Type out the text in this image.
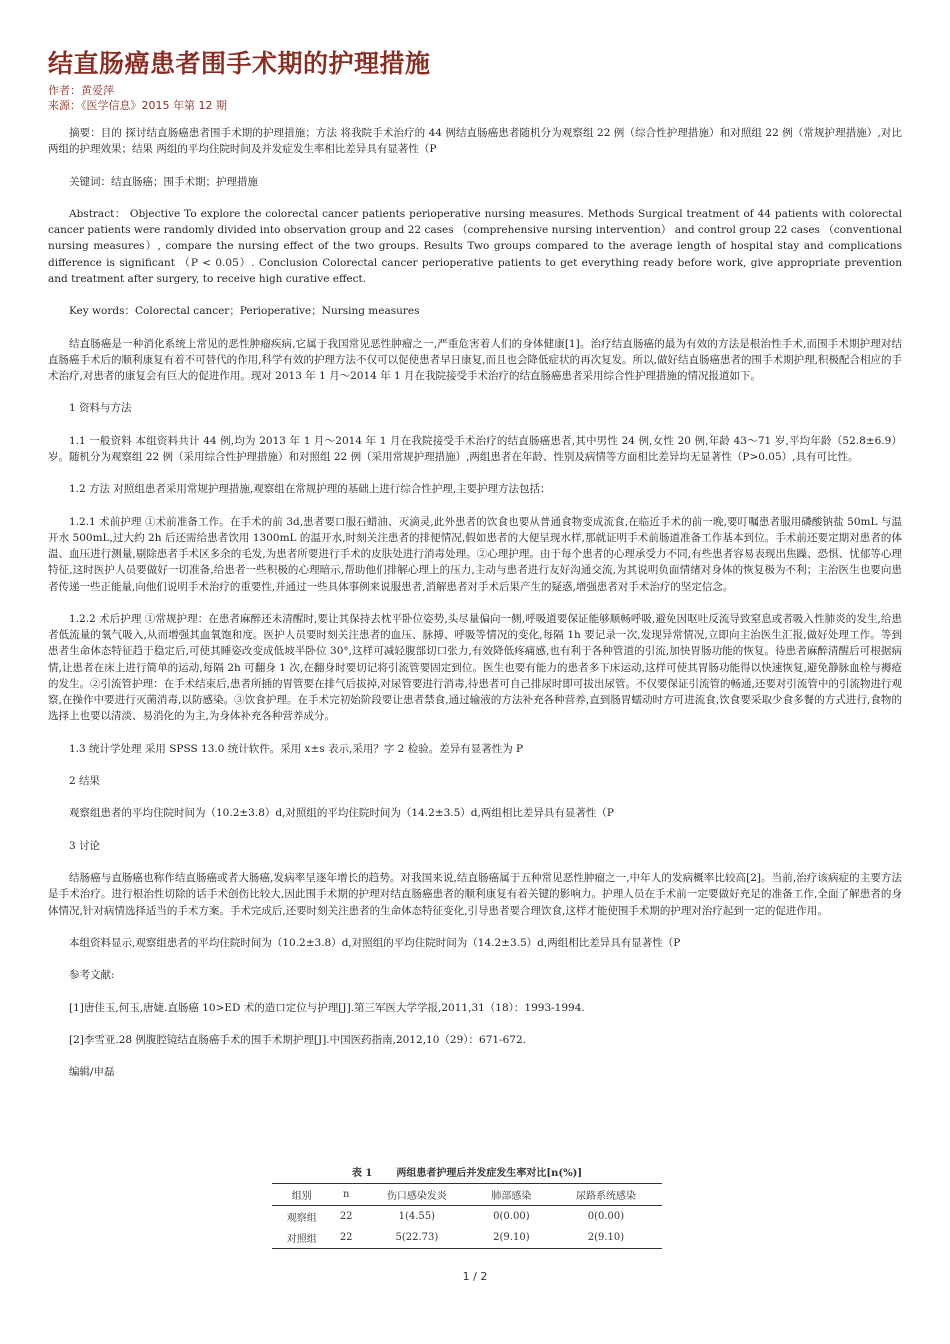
结直肠癌患者围手术期的护理措施
作者：黄爱萍
来源：《医学信息》2015 年第 12 期

摘要：目的 探讨结直肠癌患者围手术期的护理措施；方法 将我院手术治疗的 44 例结直肠癌患者随机分为观察组 22 例（综合性护理措施）和对照组 22 例（常规护理措施）,对比两组的护理效果；结果 两组的平均住院时间及并发症发生率相比差异具有显著性（P

关键词：结直肠癌；围手术期；护理措施

Abstract： Objective To explore the colorectal cancer patients perioperative nursing measures. Methods Surgical treatment of 44 patients with colorectal cancer patients were randomly divided into observation group and 22 cases （comprehensive nursing intervention） and control group 22 cases （conventional nursing measures）, compare the nursing effect of the two groups. Results Two groups compared to the average length of hospital stay and complications difference is significant （P < 0.05）. Conclusion Colorectal cancer perioperative patients to get everything ready before work, give appropriate prevention and treatment after surgery, to receive high curative effect.

Key words：Colorectal cancer；Perioperative；Nursing measures

结直肠癌是一种消化系统上常见的恶性肿瘤疾病,它属于我国常见恶性肿瘤之一,严重危害着人们的身体健康[1]。治疗结直肠癌的最为有效的方法是根治性手术,而围手术期护理对结直肠癌手术后的顺利康复有着不可替代的作用,科学有效的护理方法不仅可以促使患者早日康复,而且也会降低症状的再次复发。所以,做好结直肠癌患者的围手术期护理,积极配合相应的手术治疗,对患者的康复会有巨大的促进作用。现对 2013 年 1 月～2014 年 1 月在我院接受手术治疗的结直肠癌患者采用综合性护理措施的情况报道如下。

1 资料与方法

1.1 一般资料 本组资料共计 44 例,均为 2013 年 1 月～2014 年 1 月在我院接受手术治疗的结直肠癌患者,其中男性 24 例,女性 20 例,年龄 43～71 岁,平均年龄（52.8±6.9）岁。随机分为观察组 22 例（采用综合性护理措施）和对照组 22 例（采用常规护理措施）,两组患者在年龄、性别及病情等方面相比差异均无显著性（P>0.05）,具有可比性。

1.2 方法 对照组患者采用常规护理措施,观察组在常规护理的基础上进行综合性护理,主要护理方法包括：

1.2.1 术前护理 ①术前准备工作。在手术的前 3d,患者要口服石蜡油、灭滴灵,此外患者的饮食也要从普通食物变成流食,在临近手术的前一晚,要叮嘱患者服用磷酸钠盐 50mL 与温开水 500mL,过大约 2h 后还需给患者饮用 1300mL 的温开水,时刻关注患者的排便情况,假如患者的大便呈现水样,那就证明手术前肠道准备工作基本到位。手术前还要定期对患者的体温、血压进行测量,剔除患者手术区多余的毛发,为患者所要进行手术的皮肤处进行消毒处理。②心理护理。由于每个患者的心理承受力不同,有些患者容易表现出焦躁、恐惧、忧郁等心理特征,这时医护人员要做好一切准备,给患者一些积极的心理暗示,帮助他们排解心理上的压力,主动与患者进行友好沟通交流,为其说明负面情绪对身体的恢复极为不利；主治医生也要向患者传递一些正能量,向他们说明手术治疗的重要性,并通过一些具体事例来说服患者,消解患者对手术后果产生的疑惑,增强患者对手术治疗的坚定信念。

1.2.2 术后护理 ①常规护理：在患者麻醉还未清醒时,要让其保持去枕平卧位姿势,头尽量偏向一侧,呼吸道要保证能够顺畅呼吸,避免因呕吐反流导致窒息或者吸入性肺炎的发生,给患者低流量的氧气吸入,从而增强其血氧饱和度。医护人员要时刻关注患者的血压、脉搏、呼吸等情况的变化,每隔 1h 要记录一次,发现异常情况,立即向主治医生汇报,做好处理工作。等到患者生命体态特征趋于稳定后,可使其睡姿改变成低坡半卧位 30°,这样可减轻腹部切口张力,有效降低疼痛感,也有利于各种管道的引流,加快胃肠功能的恢复。待患者麻醉清醒后可根据病情,让患者在床上进行简单的运动,每隔 2h 可翻身 1 次,在翻身时要切记将引流管要固定到位。医生也要有能力的患者多下床运动,这样可使其胃肠功能得以快速恢复,避免静脉血栓与褥疮的发生。②引流管护理：在手术结束后,患者所插的胃管要在排气后拔掉,对尿管要进行消毒,待患者可自己排尿时即可拔出尿管。不仅要保证引流管的畅通,还要对引流管中的引流物进行观察,在操作中要进行灭菌消毒,以防感染。③饮食护理。在手术完初始阶段要让患者禁食,通过输液的方法补充各种营养,直到肠胃蠕动时方可进流食,饮食要采取少食多餐的方式进行,食物的选择上也要以清淡、易消化的为主,为身体补充各种营养成分。

1.3 统计学处理 采用 SPSS 13.0 统计软件。采用 x±s 表示,采用？字 2 检验。差异有显著性为 P

2 结果

观察组患者的平均住院时间为（10.2±3.8）d,对照组的平均住院时间为（14.2±3.5）d,两组相比差异具有显著性（P

3 讨论

结肠癌与直肠癌也称作结直肠癌或者大肠癌,发病率呈逐年增长的趋势。对我国来说,结直肠癌属于五种常见恶性肿瘤之一,中年人的发病概率比较高[2]。当前,治疗该病症的主要方法是手术治疗。进行根治性切除的话手术创伤比较大,因此围手术期的护理对结直肠癌患者的顺利康复有着关键的影响力。护理人员在手术前一定要做好充足的准备工作,全面了解患者的身体情况,针对病情选择适当的手术方案。手术完成后,还要时刻关注患者的生命体态特征变化,引导患者要合理饮食,这样才能使围手术期的护理对治疗起到一定的促进作用。

本组资料显示,观察组患者的平均住院时间为（10.2±3.8）d,对照组的平均住院时间为（14.2±3.5）d,两组相比差异具有显著性（P

参考文献:

[1]唐佳玉,何玉,唐婕.直肠癌 10>ED 术的造口定位与护理[J].第三军医大学学报,2011,31（18）：1993-1994.

[2]李雪亚.28 例腹腔镜结直肠癌手术的围手术期护理[J].中国医药指南,2012,10（29）：671-672.

编辑/申磊

表 1 两组患者护理后并发症发生率对比[n(%)]
组别	n	伤口感染发炎	肺部感染	尿路系统感染
观察组	22	1(4.55)	0(0.00)	0(0.00)
对照组	22	5(22.73)	2(9.10)	2(9.10)
1 / 2
